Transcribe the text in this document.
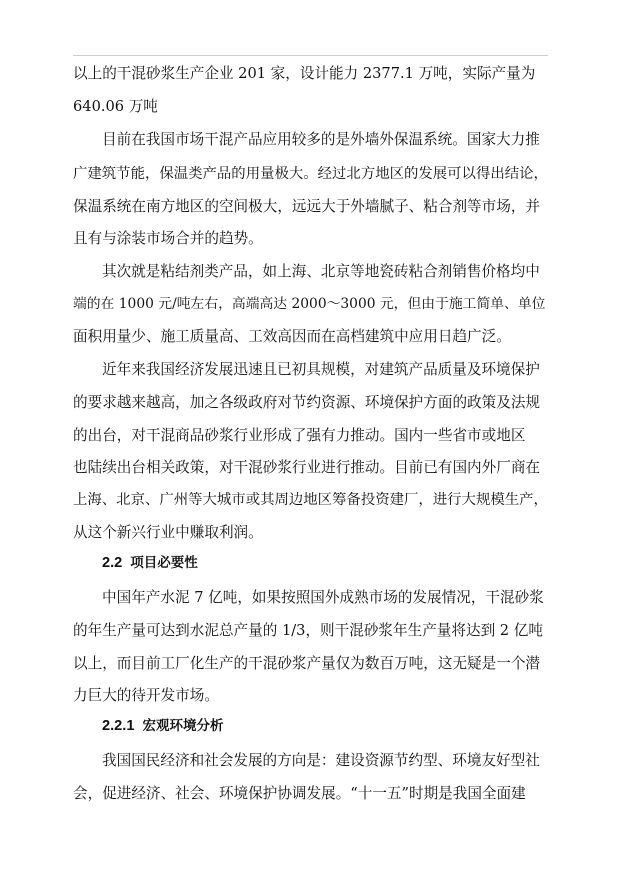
以上的干混砂浆生产企业 201 家，设计能力 2377.1 万吨，实际产量为
640.06 万吨
目前在我国市场干混产品应用较多的是外墙外保温系统。国家大力推
广建筑节能，保温类产品的用量极大。经过北方地区的发展可以得出结论，
保温系统在南方地区的空间极大，远远大于外墙腻子、粘合剂等市场，并
且有与涂装市场合并的趋势。
其次就是粘结剂类产品，如上海、北京等地瓷砖粘合剂销售价格均中
端的在 1000 元/吨左右，高端高达 2000～3000 元，但由于施工简单、单位
面积用量少、施工质量高、工效高因而在高档建筑中应用日趋广泛。
近年来我国经济发展迅速且已初具规模，对建筑产品质量及环境保护
的要求越来越高，加之各级政府对节约资源、环境保护方面的政策及法规
的出台，对干混商品砂浆行业形成了强有力推动。国内一些省市或地区
也陆续出台相关政策，对干混砂浆行业进行推动。目前已有国内外厂商在
上海、北京、广州等大城市或其周边地区筹备投资建厂，进行大规模生产，
从这个新兴行业中赚取利润。
2.2 项目必要性
中国年产水泥 7 亿吨，如果按照国外成熟市场的发展情况，干混砂浆
的年生产量可达到水泥总产量的 1/3，则干混砂浆年生产量将达到 2 亿吨
以上，而目前工厂化生产的干混砂浆产量仅为数百万吨，这无疑是一个潜
力巨大的待开发市场。
2.2.1 宏观环境分析
我国国民经济和社会发展的方向是：建设资源节约型、环境友好型社
会，促进经济、社会、环境保护协调发展。“十一五”时期是我国全面建
